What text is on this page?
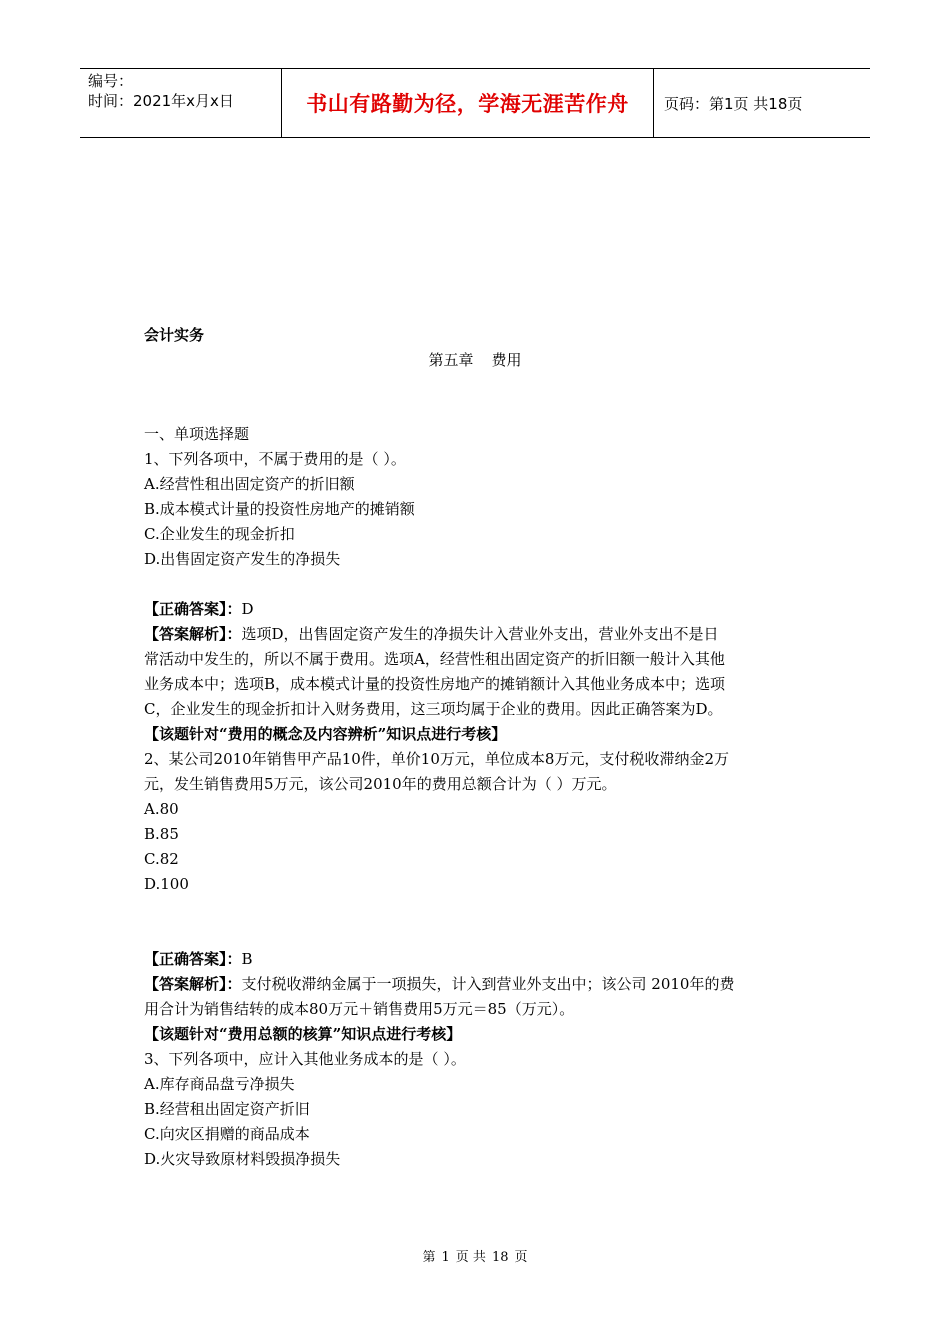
编号：
时间：2021年x月x日	书山有路勤为径，学海无涯苦作舟 页码：第1页 共18页
会计实务
第五章 费用
一、单项选择题
1、下列各项中，不属于费用的是（ ）。
A.经营性租出固定资产的折旧额
B.成本模式计量的投资性房地产的摊销额
C.企业发生的现金折扣
D.出售固定资产发生的净损失
【正确答案】：D
【答案解析】：选项D，出售固定资产发生的净损失计入营业外支出，营业外支出不是日
常活动中发生的，所以不属于费用。选项A，经营性租出固定资产的折旧额一般计入其他
业务成本中；选项B，成本模式计量的投资性房地产的摊销额计入其他业务成本中；选项
C，企业发生的现金折扣计入财务费用，这三项均属于企业的费用。因此正确答案为D。
【该题针对“费用的概念及内容辨析”知识点进行考核】
2、某公司2010年销售甲产品10件，单价10万元，单位成本8万元，支付税收滞纳金2万
元，发生销售费用5万元，该公司2010年的费用总额合计为（ ）万元。
A.80
B.85
C.82
D.100
【正确答案】：B
【答案解析】：支付税收滞纳金属于一项损失，计入到营业外支出中；该公司 2010年的费
用合计为销售结转的成本80万元＋销售费用5万元＝85（万元）。
【该题针对“费用总额的核算”知识点进行考核】
3、下列各项中，应计入其他业务成本的是（ ）。
A.库存商品盘亏净损失
B.经营租出固定资产折旧
C.向灾区捐赠的商品成本
D.火灾导致原材料毁损净损失
第 1 页 共 18 页
